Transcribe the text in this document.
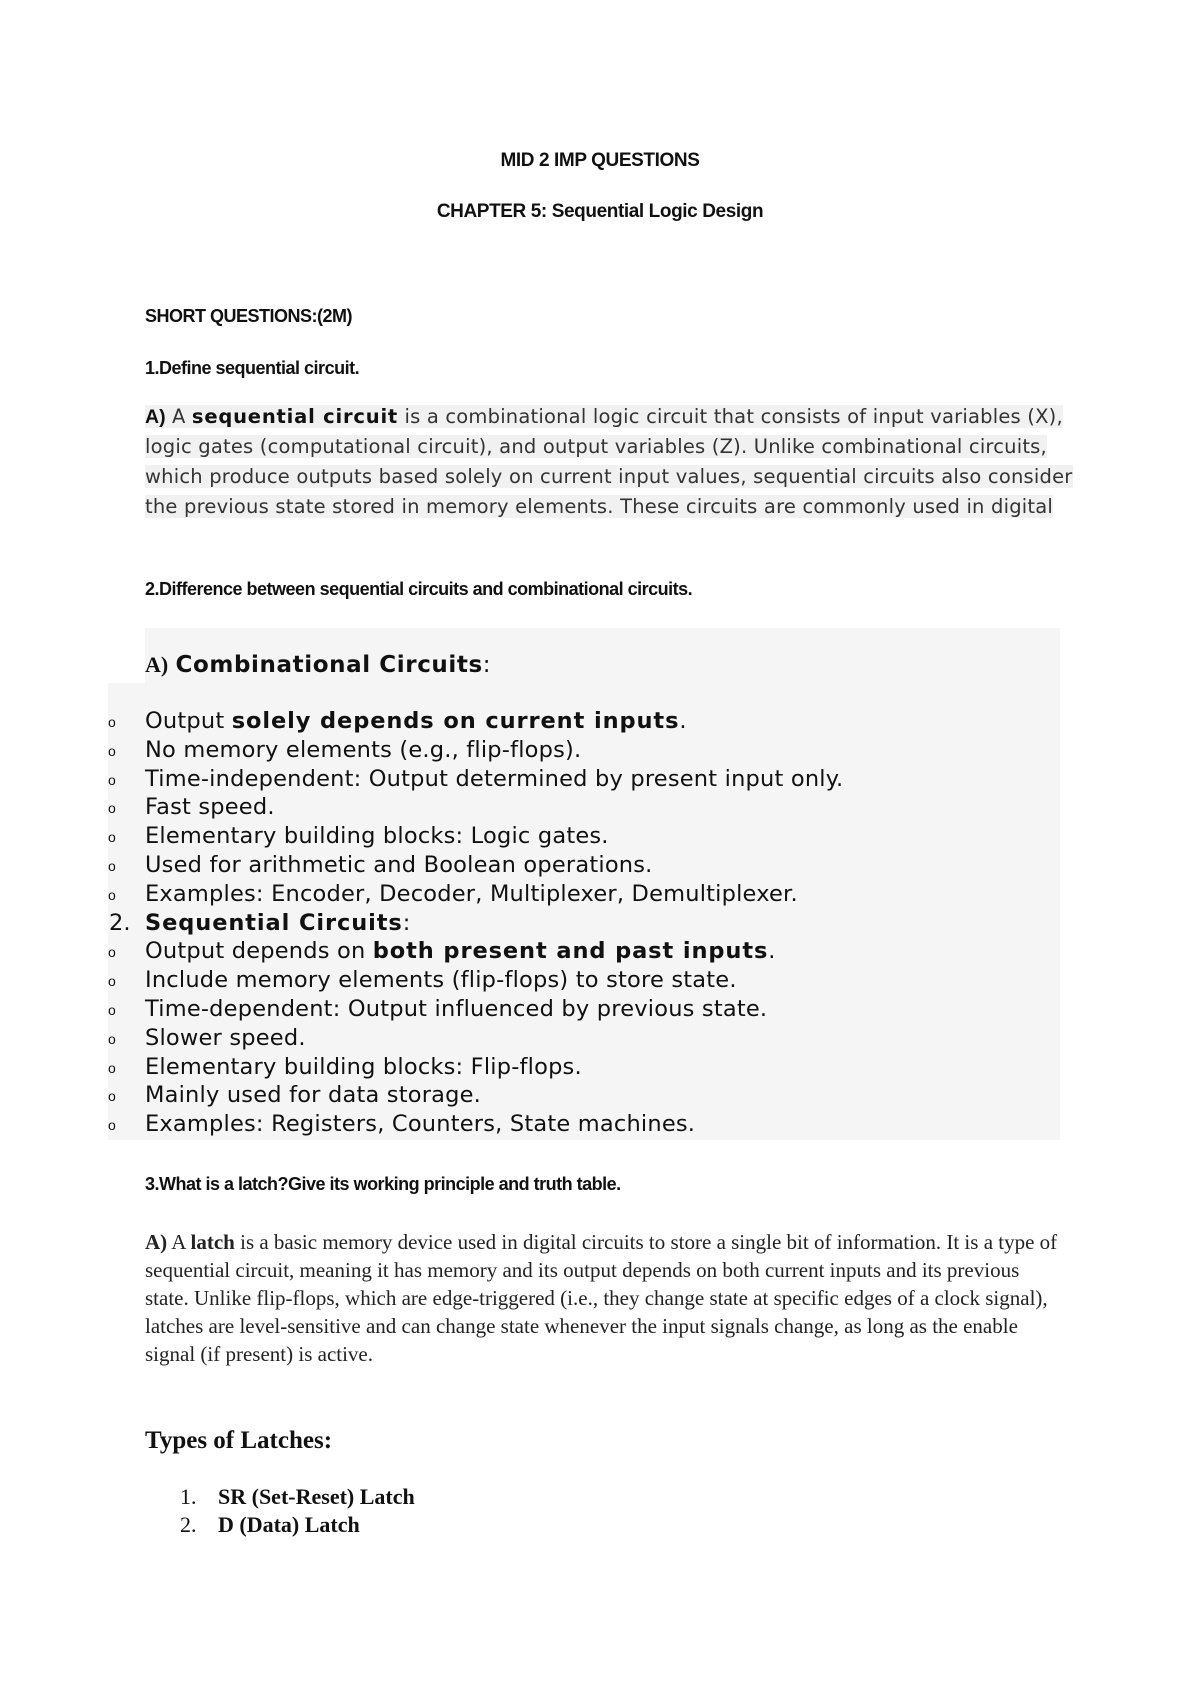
MID 2 IMP QUESTIONS
CHAPTER 5: Sequential Logic Design
SHORT QUESTIONS:(2M)
1.Define sequential circuit.
A) A sequential circuit is a combinational logic circuit that consists of input variables (X), logic gates (computational circuit), and output variables (Z). Unlike combinational circuits, which produce outputs based solely on current input values, sequential circuits also consider the previous state stored in memory elements. These circuits are commonly used in digital
2.Difference between sequential circuits and combinational circuits.
A) Combinational Circuits:
o Output solely depends on current inputs.
o No memory elements (e.g., flip-flops).
o Time-independent: Output determined by present input only.
o Fast speed.
o Elementary building blocks: Logic gates.
o Used for arithmetic and Boolean operations.
o Examples: Encoder, Decoder, Multiplexer, Demultiplexer.
2. Sequential Circuits:
o Output depends on both present and past inputs.
o Include memory elements (flip-flops) to store state.
o Time-dependent: Output influenced by previous state.
o Slower speed.
o Elementary building blocks: Flip-flops.
o Mainly used for data storage.
o Examples: Registers, Counters, State machines.
3.What is a latch?Give its working principle and truth table.
A) A latch is a basic memory device used in digital circuits to store a single bit of information. It is a type of sequential circuit, meaning it has memory and its output depends on both current inputs and its previous state. Unlike flip-flops, which are edge-triggered (i.e., they change state at specific edges of a clock signal), latches are level-sensitive and can change state whenever the input signals change, as long as the enable signal (if present) is active.
Types of Latches:
1. SR (Set-Reset) Latch
2. D (Data) Latch
